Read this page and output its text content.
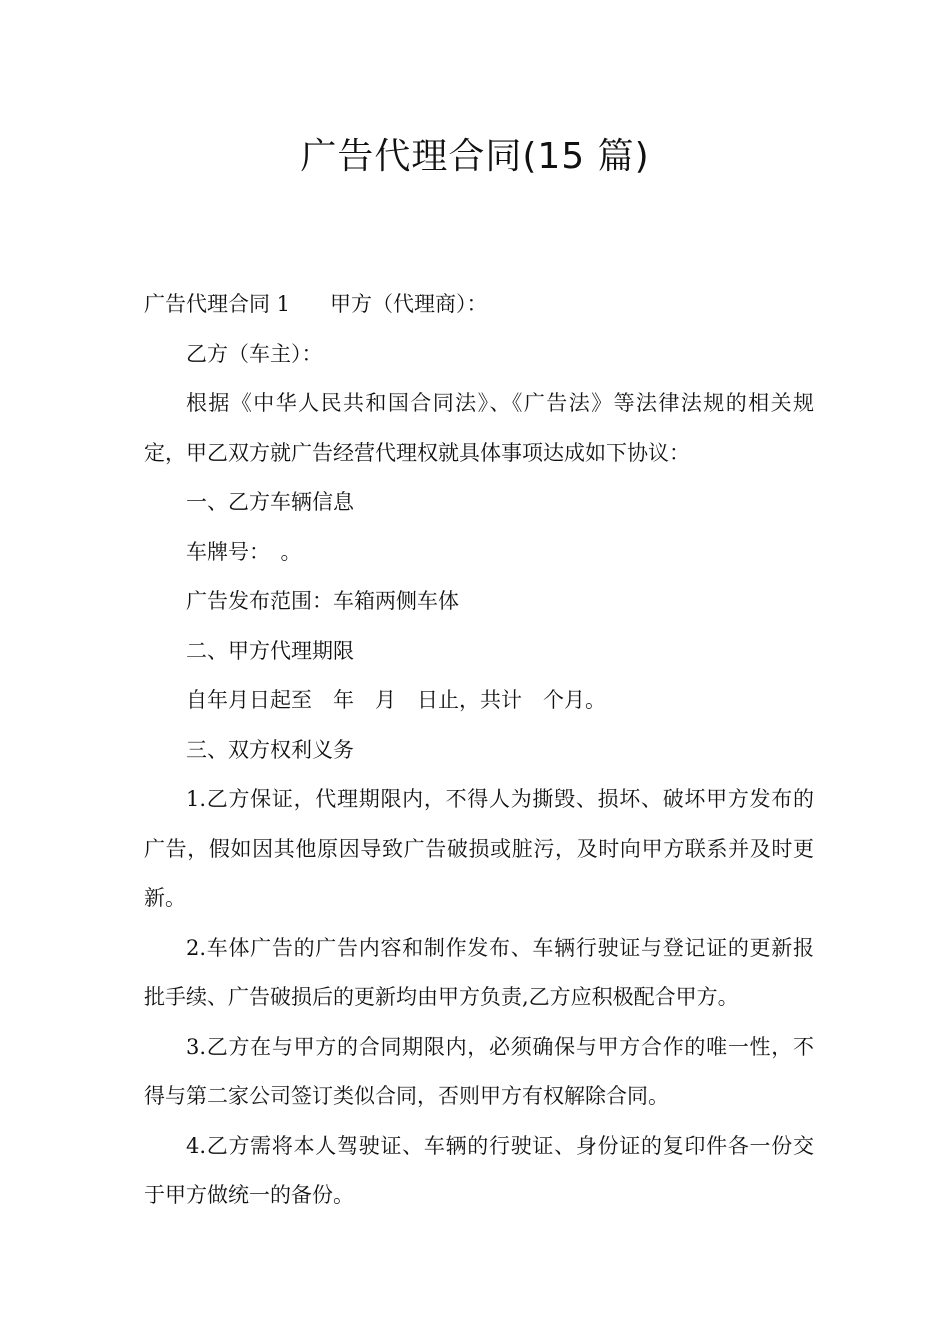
广告代理合同(15 篇)

广告代理合同 1 甲方（代理商）：

乙方（车主）：

根据《中华人民共和国合同法》、《广告法》等法律法规的相关规定，甲乙双方就广告经营代理权就具体事项达成如下协议：

一、乙方车辆信息

车牌号：　。

广告发布范围：车箱两侧车体

二、甲方代理期限

自年月日起至　年　月　日止，共计　个月。

三、双方权利义务

1.乙方保证，代理期限内，不得人为撕毁、损坏、破坏甲方发布的广告，假如因其他原因导致广告破损或脏污，及时向甲方联系并及时更新。

2.车体广告的广告内容和制作发布、车辆行驶证与登记证的更新报批手续、广告破损后的更新均由甲方负责,乙方应积极配合甲方。

3.乙方在与甲方的合同期限内，必须确保与甲方合作的唯一性，不得与第二家公司签订类似合同，否则甲方有权解除合同。

4.乙方需将本人驾驶证、车辆的行驶证、身份证的复印件各一份交于甲方做统一的备份。
